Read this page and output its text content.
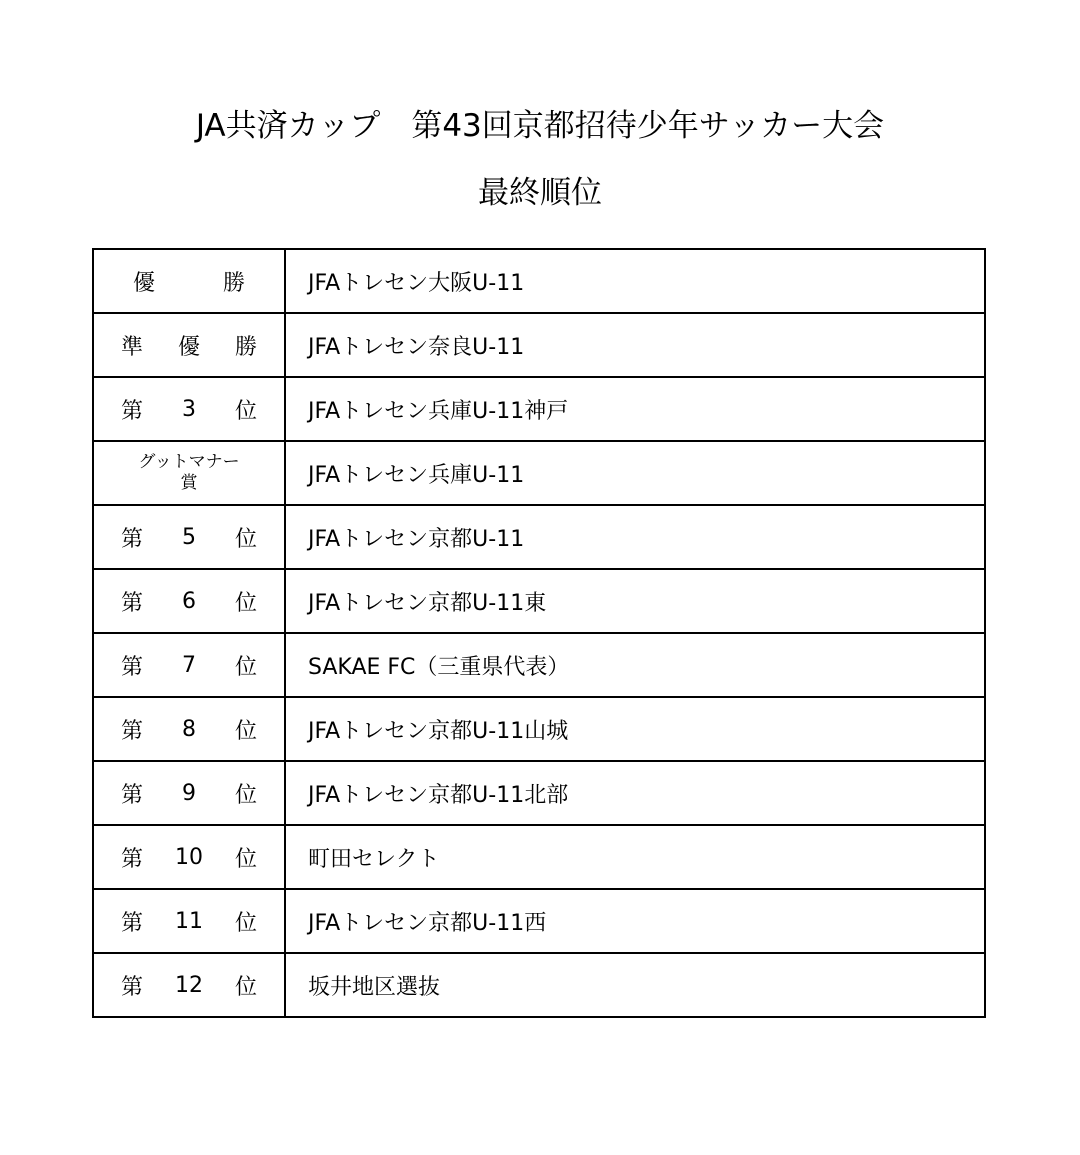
JA共済カップ　第43回京都招待少年サッカー大会
最終順位
優 勝	JFAトレセン大阪U-11

準 優 勝	JFAトレセン奈良U-11

第 3 位	JFAトレセン兵庫U-11神戸

グットマナー
賞	JFAトレセン兵庫U-11

第 5 位	JFAトレセン京都U-11

第 6 位	JFAトレセン京都U-11東

第 7 位	SAKAE FC（三重県代表）

第 8 位	JFAトレセン京都U-11山城

第 9 位	JFAトレセン京都U-11北部

第 10 位	町田セレクト

第 11 位	JFAトレセン京都U-11西

第 12 位	坂井地区選抜
